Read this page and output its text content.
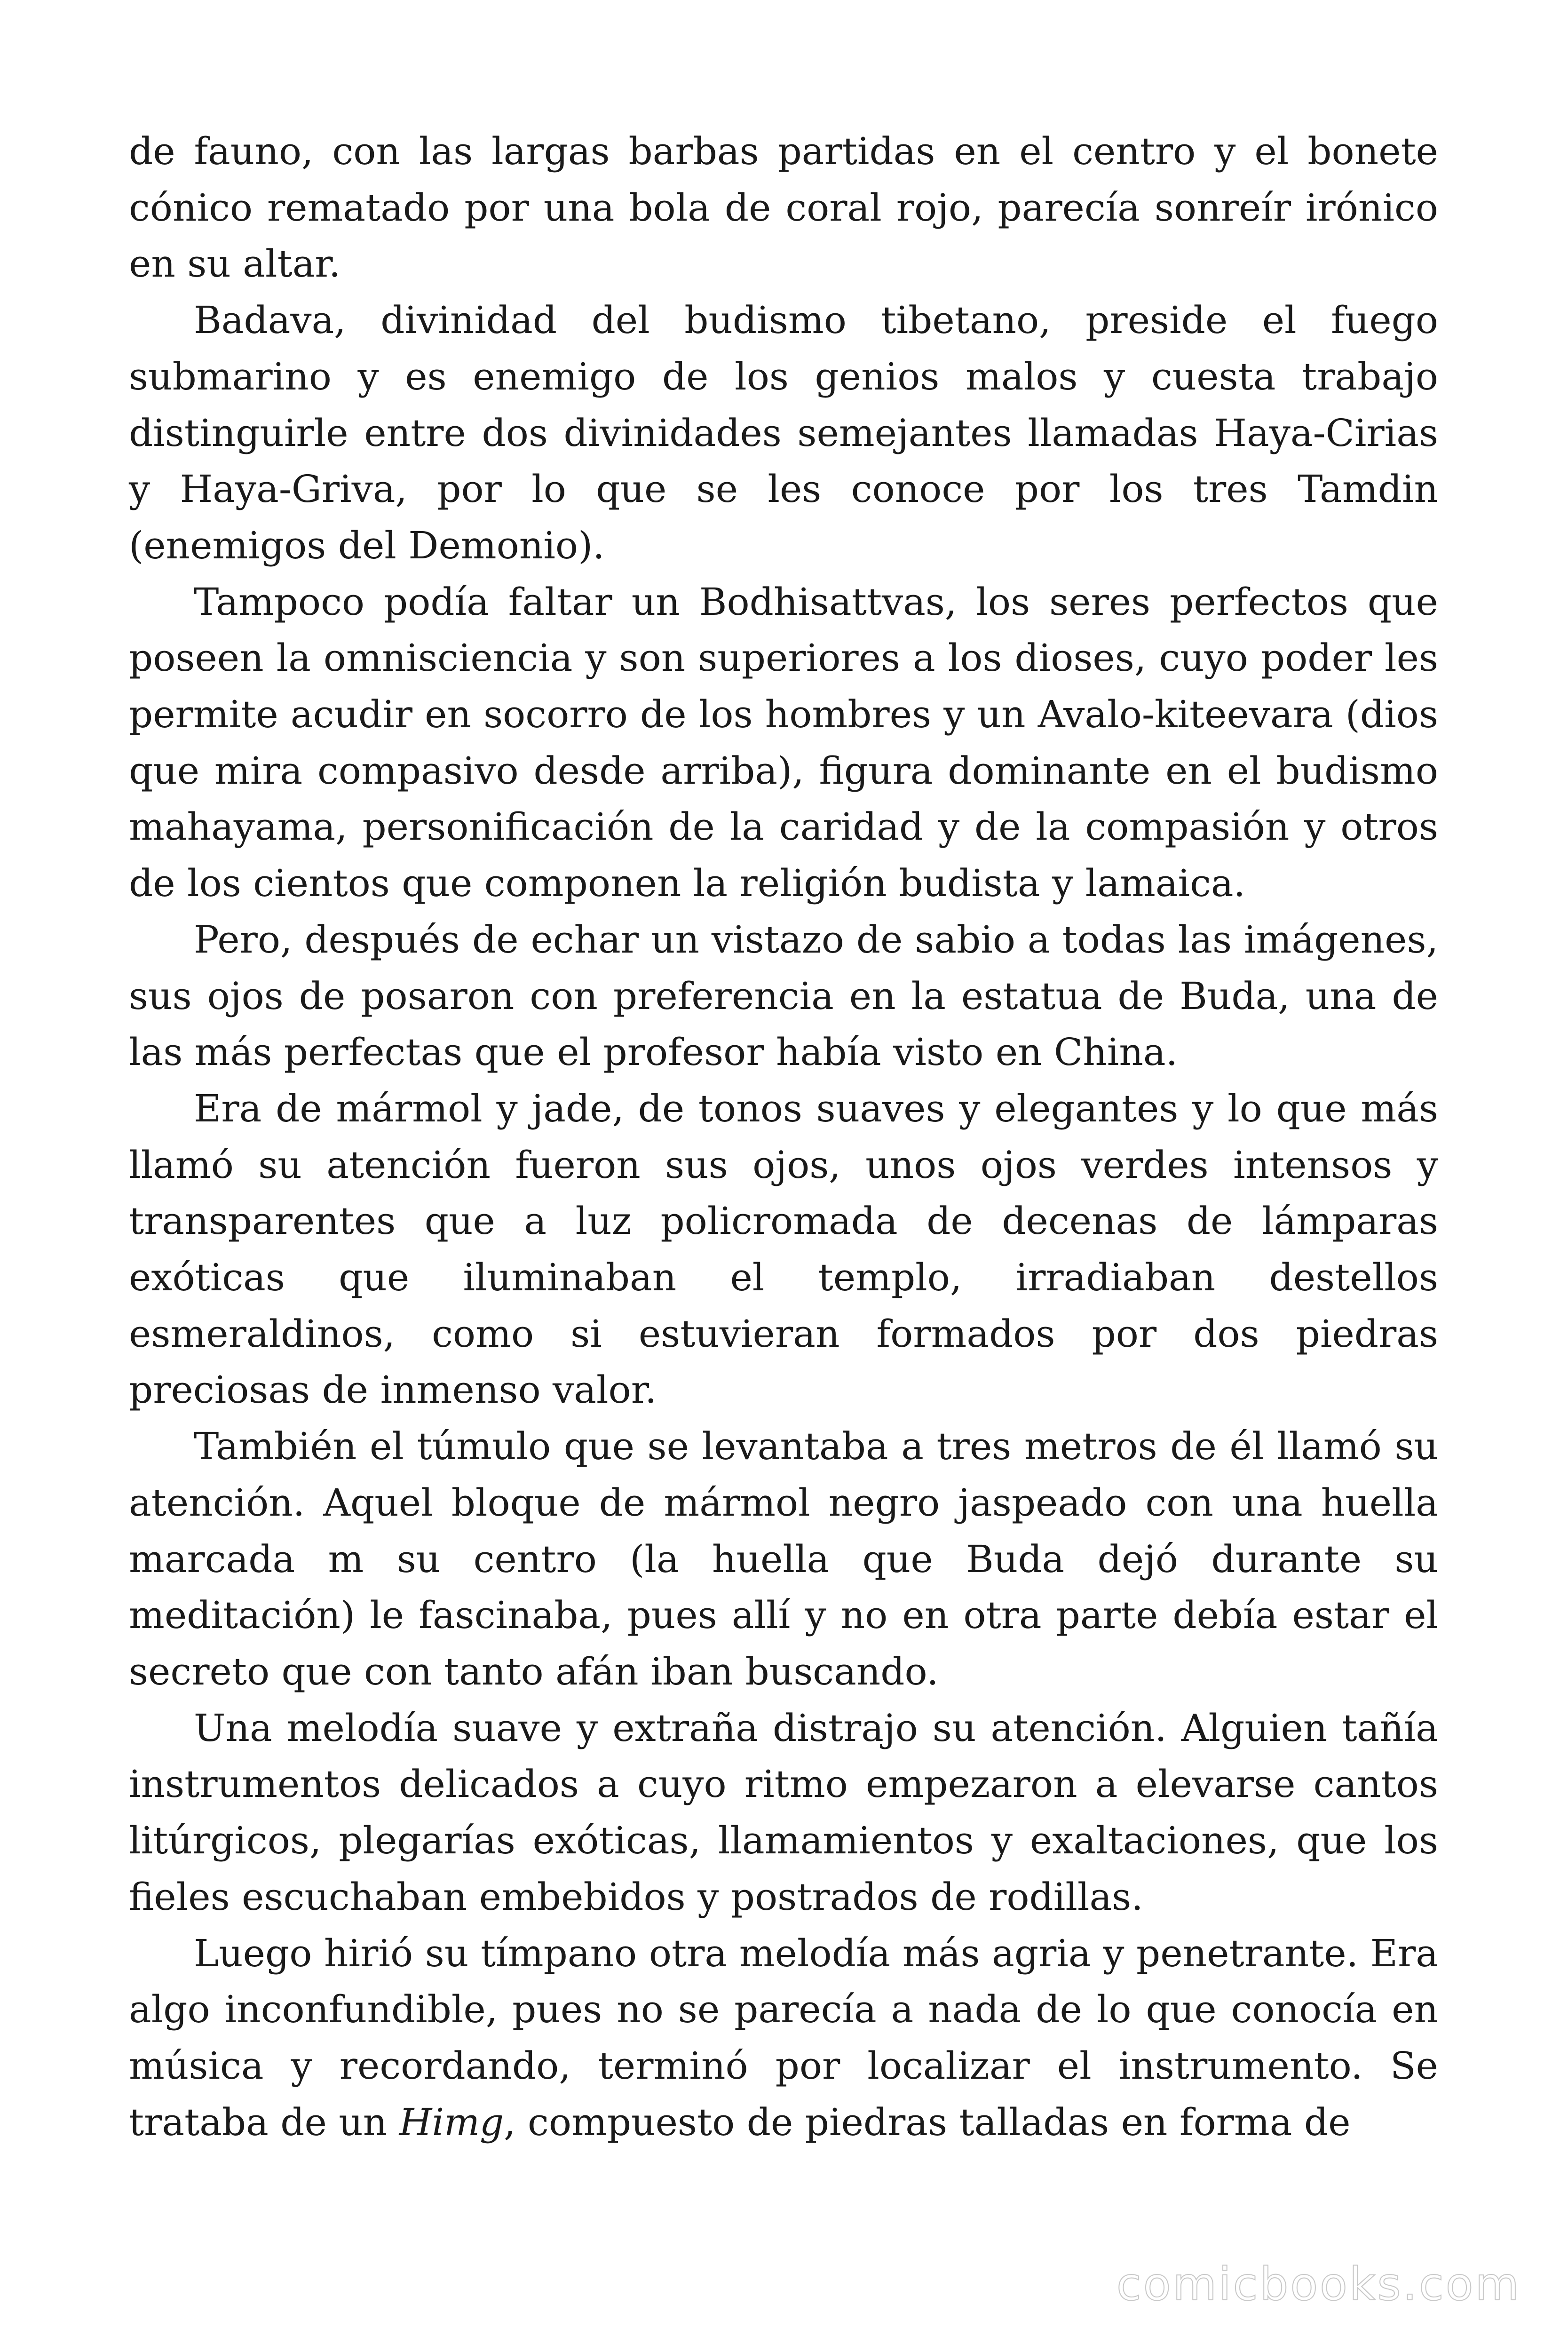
de fauno, con las largas barbas partidas en el centro y el bonete cónico rematado por una bola de coral rojo, parecía sonreír irónico en su altar.

Badava, divinidad del budismo tibetano, preside el fuego submarino y es enemigo de los genios malos y cuesta trabajo distinguirle entre dos divinidades semejantes llamadas Haya-Cirias y Haya-Griva, por lo que se les conoce por los tres Tamdin (enemigos del Demonio).

Tampoco podía faltar un Bodhisattvas, los seres perfectos que poseen la omnisciencia y son superiores a los dioses, cuyo poder les permite acudir en socorro de los hombres y un Avalo-kiteevara (dios que mira compasivo desde arriba), figura dominante en el budismo mahayama, personificación de la caridad y de la compasión y otros de los cientos que componen la religión budista y lamaica.

Pero, después de echar un vistazo de sabio a todas las imágenes, sus ojos de posaron con preferencia en la estatua de Buda, una de las más perfectas que el profesor había visto en China.

Era de mármol y jade, de tonos suaves y elegantes y lo que más llamó su atención fueron sus ojos, unos ojos verdes intensos y transparentes que a luz policromada de decenas de lámparas exóticas que iluminaban el templo, irradiaban destellos esmeraldinos, como si estuvieran formados por dos piedras preciosas de inmenso valor.

También el túmulo que se levantaba a tres metros de él llamó su atención. Aquel bloque de mármol negro jaspeado con una huella marcada m su centro (la huella que Buda dejó durante su meditación) le fascinaba, pues allí y no en otra parte debía estar el secreto que con tanto afán iban buscando.

Una melodía suave y extraña distrajo su atención. Alguien tañía instrumentos delicados a cuyo ritmo empezaron a elevarse cantos litúrgicos, plegarías exóticas, llamamientos y exaltaciones, que los fieles escuchaban embebidos y postrados de rodillas.

Luego hirió su tímpano otra melodía más agria y penetrante. Era algo inconfundible, pues no se parecía a nada de lo que conocía en música y recordando, terminó por localizar el instrumento. Se trataba de un Himg, compuesto de piedras talladas en forma de

comicbooks.com
